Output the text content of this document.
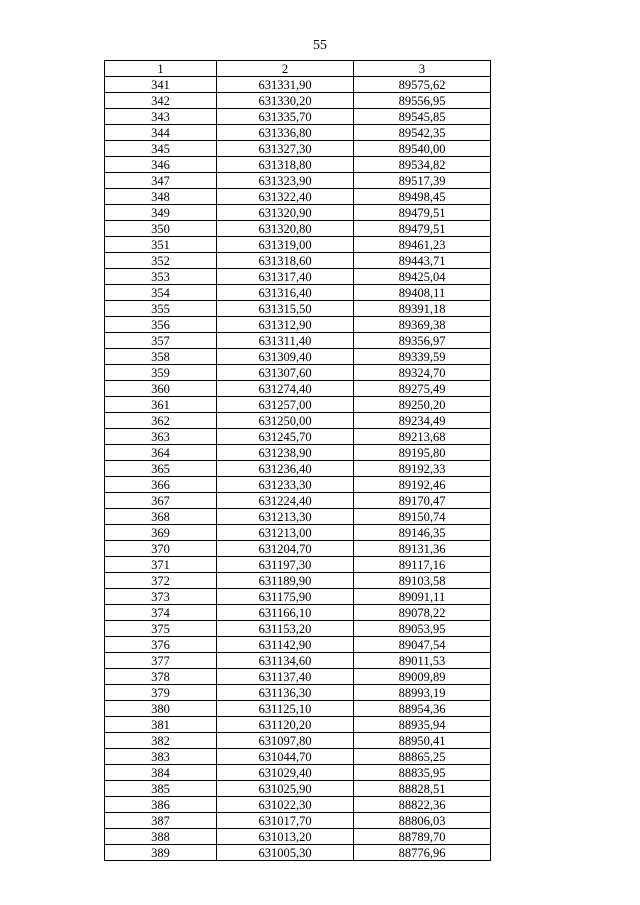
55
1	2	3
341	631331,90	89575,62
342	631330,20	89556,95
343	631335,70	89545,85
344	631336,80	89542,35
345	631327,30	89540,00
346	631318,80	89534,82
347	631323,90	89517,39
348	631322,40	89498,45
349	631320,90	89479,51
350	631320,80	89479,51
351	631319,00	89461,23
352	631318,60	89443,71
353	631317,40	89425,04
354	631316,40	89408,11
355	631315,50	89391,18
356	631312,90	89369,38
357	631311,40	89356,97
358	631309,40	89339,59
359	631307,60	89324,70
360	631274,40	89275,49
361	631257,00	89250,20
362	631250,00	89234,49
363	631245,70	89213,68
364	631238,90	89195,80
365	631236,40	89192,33
366	631233,30	89192,46
367	631224,40	89170,47
368	631213,30	89150,74
369	631213,00	89146,35
370	631204,70	89131,36
371	631197,30	89117,16
372	631189,90	89103,58
373	631175,90	89091,11
374	631166,10	89078,22
375	631153,20	89053,95
376	631142,90	89047,54
377	631134,60	89011,53
378	631137,40	89009,89
379	631136,30	88993,19
380	631125,10	88954,36
381	631120,20	88935,94
382	631097,80	88950,41
383	631044,70	88865,25
384	631029,40	88835,95
385	631025,90	88828,51
386	631022,30	88822,36
387	631017,70	88806,03
388	631013,20	88789,70
389	631005,30	88776,96
